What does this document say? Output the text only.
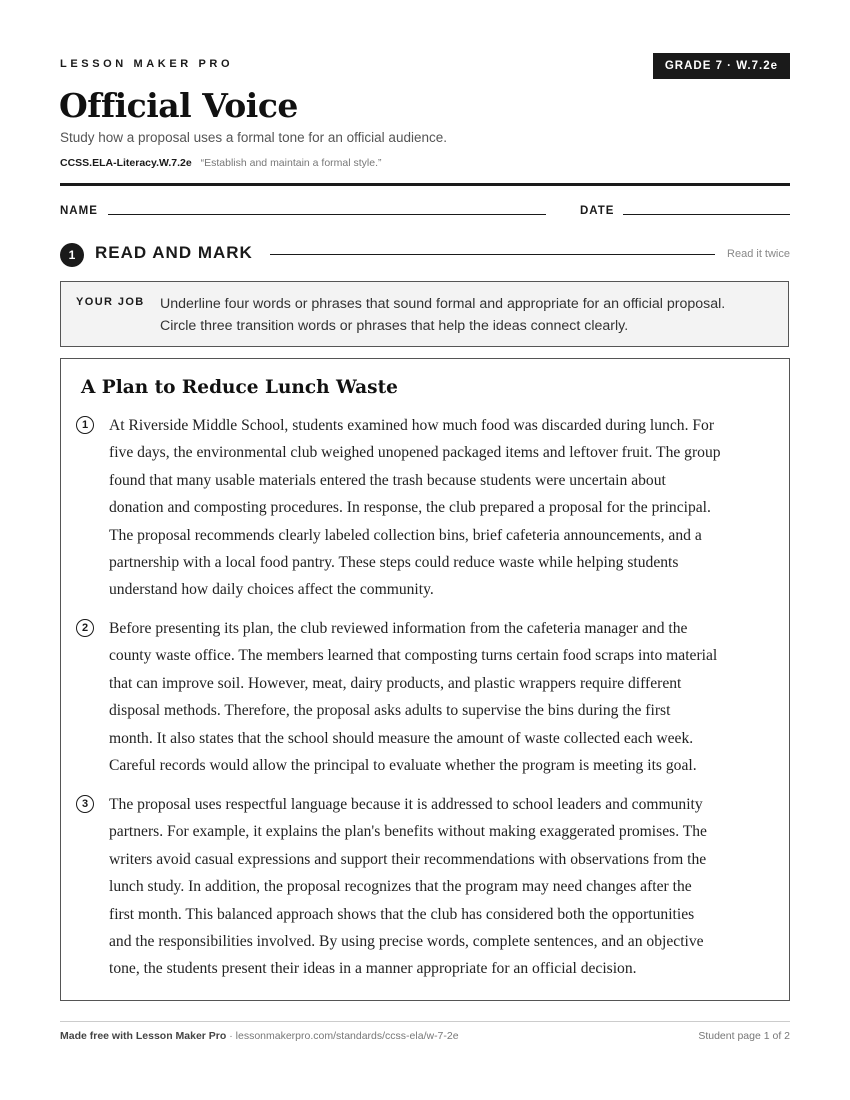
LESSON MAKER PRO	GRADE 7 · W.7.2e
Official Voice
Study how a proposal uses a formal tone for an official audience.
CCSS.ELA-Literacy.W.7.2e “Establish and maintain a formal style.”
NAME	DATE
1	READ AND MARK	Read it twice
YOUR JOB Underline four words or phrases that sound formal and appropriate for an official proposal.
Circle three transition words or phrases that help the ideas connect clearly.
A Plan to Reduce Lunch Waste
1	At Riverside Middle School, students examined how much food was discarded during lunch. For
five days, the environmental club weighed unopened packaged items and leftover fruit. The group
found that many usable materials entered the trash because students were uncertain about
donation and composting procedures. In response, the club prepared a proposal for the principal.
The proposal recommends clearly labeled collection bins, brief cafeteria announcements, and a
partnership with a local food pantry. These steps could reduce waste while helping students
understand how daily choices affect the community.
2	Before presenting its plan, the club reviewed information from the cafeteria manager and the
county waste office. The members learned that composting turns certain food scraps into material
that can improve soil. However, meat, dairy products, and plastic wrappers require different
disposal methods. Therefore, the proposal asks adults to supervise the bins during the first
month. It also states that the school should measure the amount of waste collected each week.
Careful records would allow the principal to evaluate whether the program is meeting its goal.
3	The proposal uses respectful language because it is addressed to school leaders and community
partners. For example, it explains the plan's benefits without making exaggerated promises. The
writers avoid casual expressions and support their recommendations with observations from the
lunch study. In addition, the proposal recognizes that the program may need changes after the
first month. This balanced approach shows that the club has considered both the opportunities
and the responsibilities involved. By using precise words, complete sentences, and an objective
tone, the students present their ideas in a manner appropriate for an official decision.
Made free with Lesson Maker Pro · lessonmakerpro.com/standards/ccss-ela/w-7-2e	Student page 1 of 2
